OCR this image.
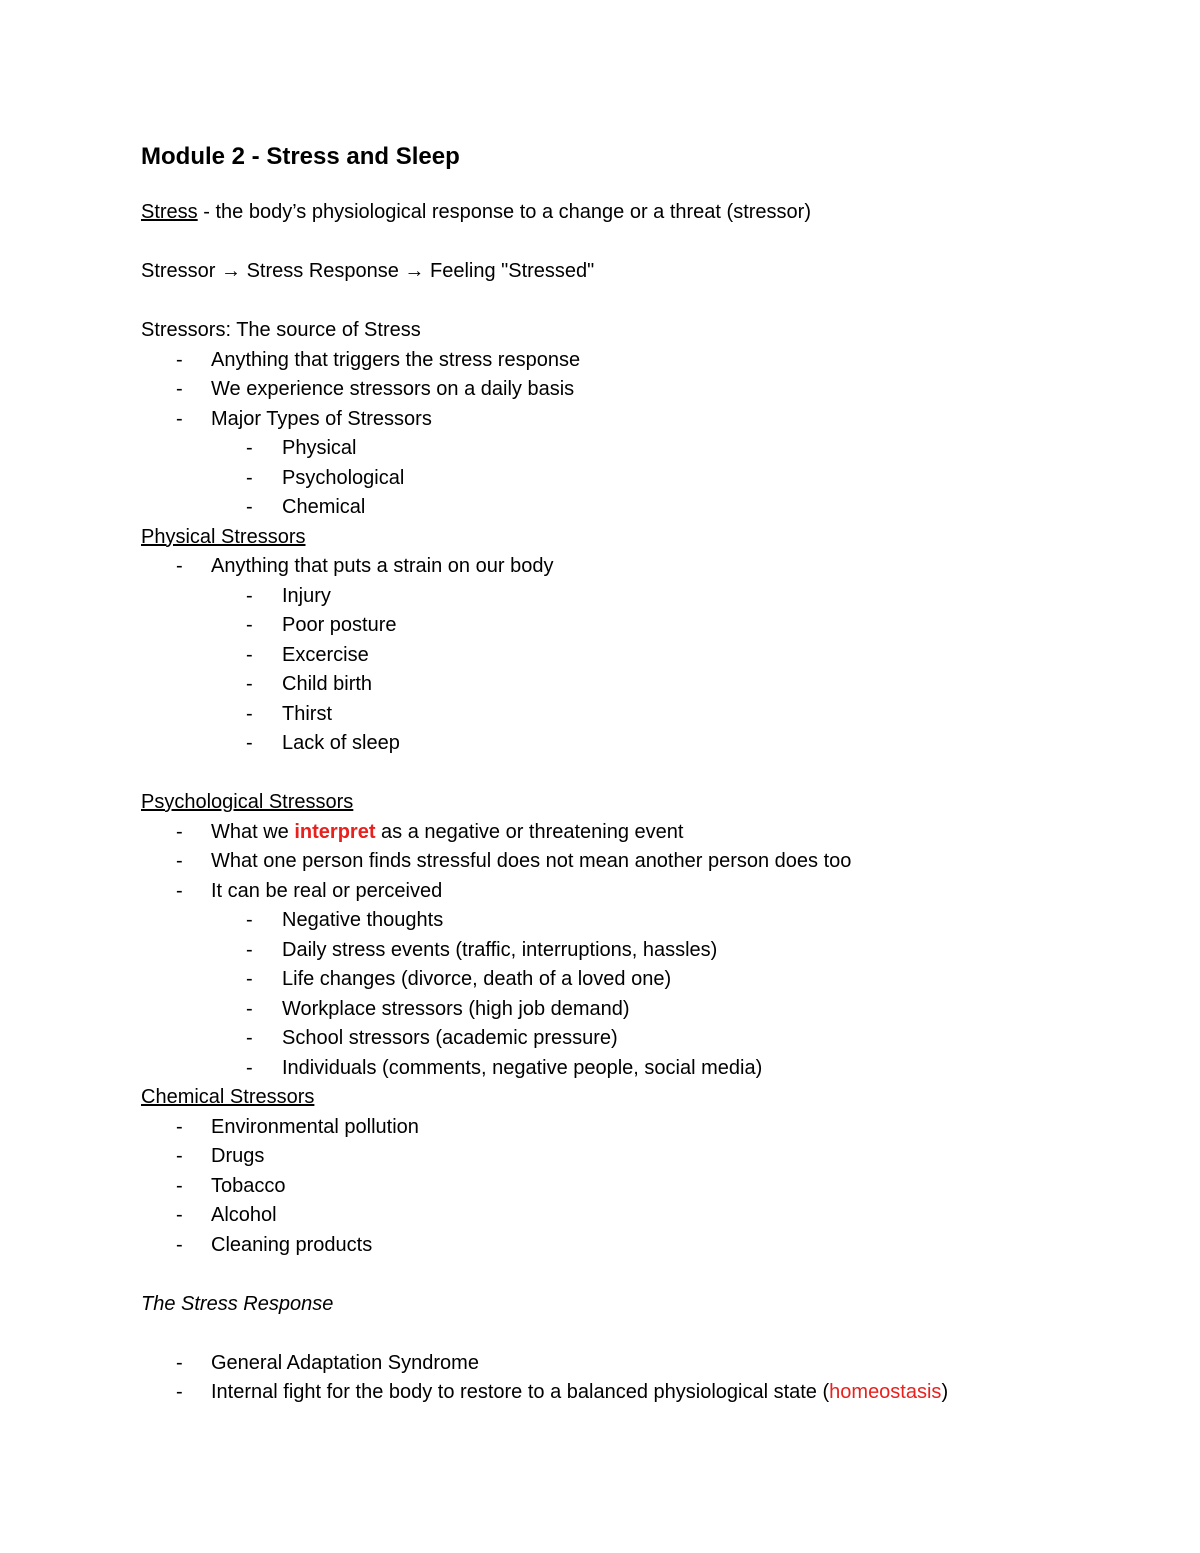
Module 2 - Stress and Sleep
Stress - the body’s physiological response to a change or a threat (stressor)
Stressor → Stress Response → Feeling "Stressed"
Stressors: The source of Stress
- Anything that triggers the stress response
- We experience stressors on a daily basis
- Major Types of Stressors
- Physical
- Psychological
- Chemical
Physical Stressors
- Anything that puts a strain on our body
- Injury
- Poor posture
- Excercise
- Child birth
- Thirst
- Lack of sleep
Psychological Stressors
- What we interpret as a negative or threatening event
- What one person finds stressful does not mean another person does too
- It can be real or perceived
- Negative thoughts
- Daily stress events (traffic, interruptions, hassles)
- Life changes (divorce, death of a loved one)
- Workplace stressors (high job demand)
- School stressors (academic pressure)
- Individuals (comments, negative people, social media)
Chemical Stressors
- Environmental pollution
- Drugs
- Tobacco
- Alcohol
- Cleaning products
The Stress Response
- General Adaptation Syndrome
- Internal fight for the body to restore to a balanced physiological state (homeostasis)
